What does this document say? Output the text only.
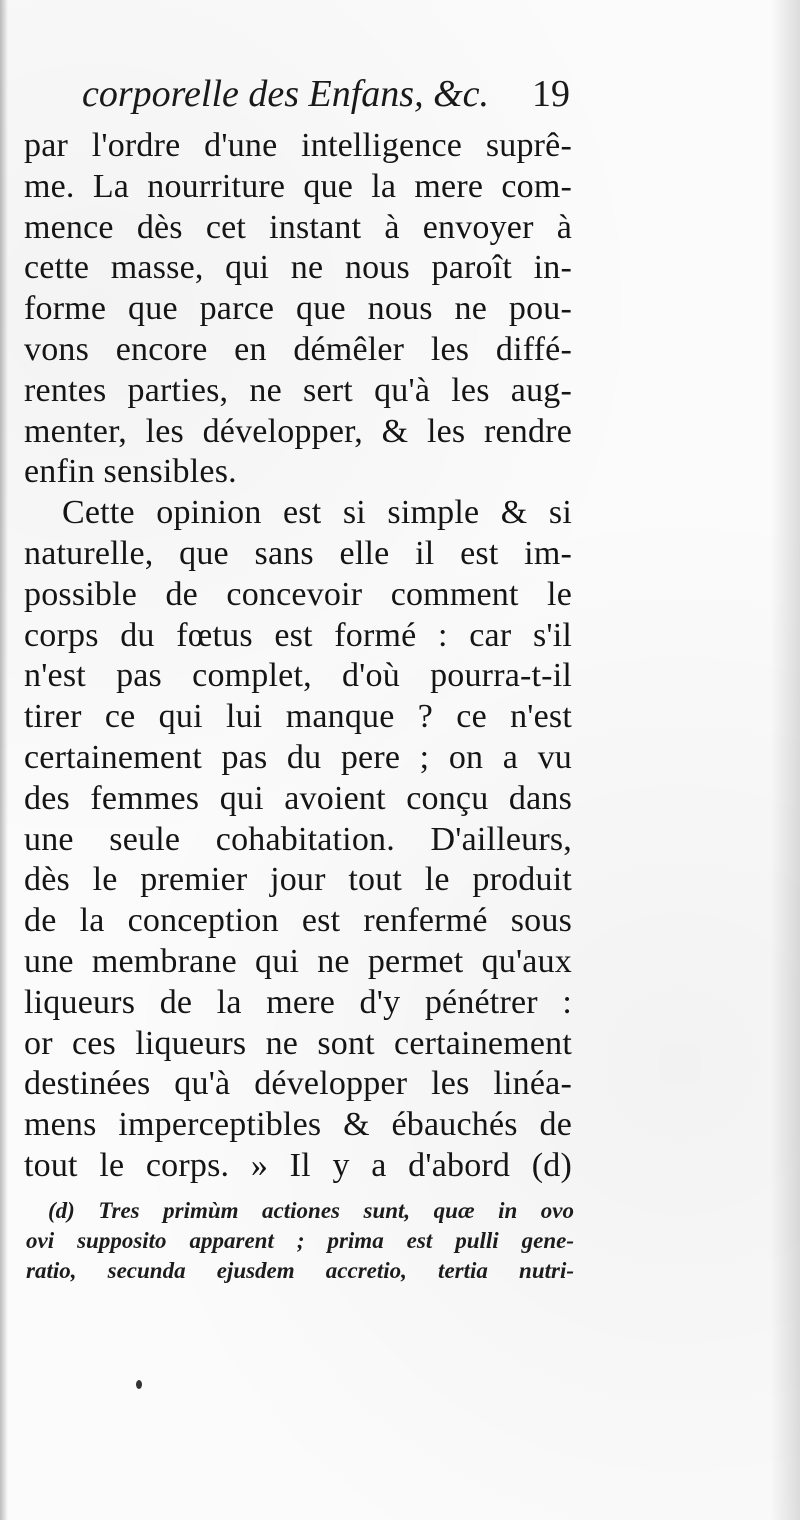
corporelle des Enfans, &c. 19
par l'ordre d'une intelligence suprê-
me. La nourriture que la mere com-
mence dès cet instant à envoyer à
cette masse, qui ne nous paroît in-
forme que parce que nous ne pou-
vons encore en démêler les diffé-
rentes parties, ne sert qu'à les aug-
menter, les développer, & les rendre
enfin sensibles.
Cette opinion est si simple & si
naturelle, que sans elle il est im-
possible de concevoir comment le
corps du fœtus est formé : car s'il
n'est pas complet, d'où pourra-t-il
tirer ce qui lui manque ? ce n'est
certainement pas du pere ; on a vu
des femmes qui avoient conçu dans
une seule cohabitation. D'ailleurs,
dès le premier jour tout le produit
de la conception est renfermé sous
une membrane qui ne permet qu'aux
liqueurs de la mere d'y pénétrer :
or ces liqueurs ne sont certainement
destinées qu'à développer les linéa-
mens imperceptibles & ébauchés de
tout le corps. » Il y a d'abord (d)
(d) Tres primùm actiones sunt, quæ in ovo
ovi supposito apparent ; prima est pulli gene-
ratio, secunda ejusdem accretio, tertia nutri-
